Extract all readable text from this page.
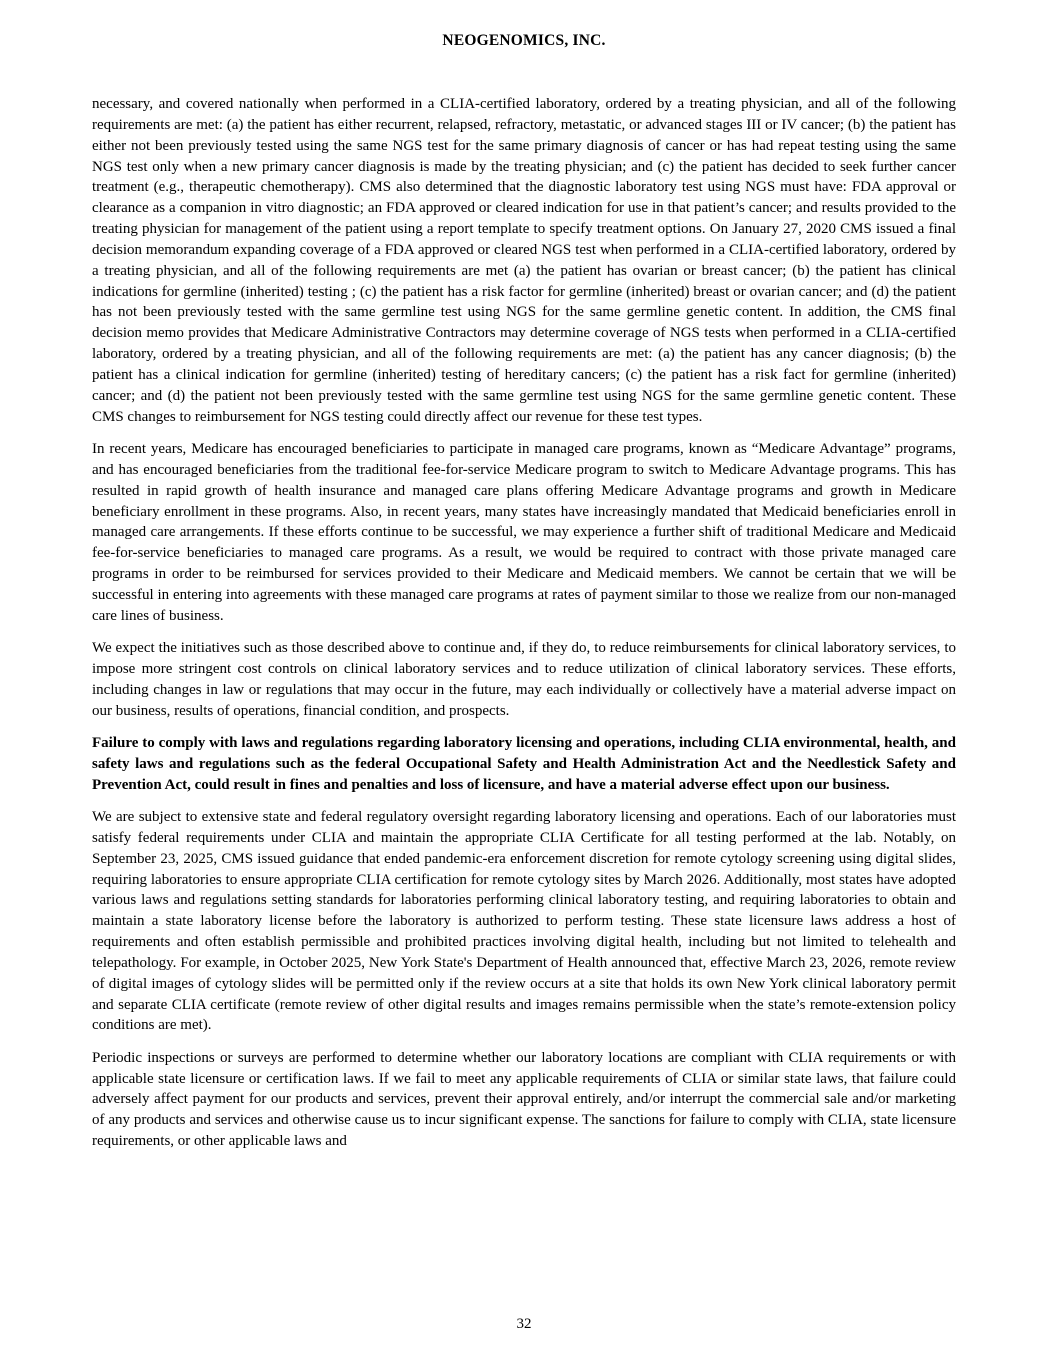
NEOGENOMICS, INC.

necessary, and covered nationally when performed in a CLIA-certified laboratory, ordered by a treating physician, and all of the following requirements are met: (a) the patient has either recurrent, relapsed, refractory, metastatic, or advanced stages III or IV cancer; (b) the patient has either not been previously tested using the same NGS test for the same primary diagnosis of cancer or has had repeat testing using the same NGS test only when a new primary cancer diagnosis is made by the treating physician; and (c) the patient has decided to seek further cancer treatment (e.g., therapeutic chemotherapy). CMS also determined that the diagnostic laboratory test using NGS must have: FDA approval or clearance as a companion in vitro diagnostic; an FDA approved or cleared indication for use in that patient’s cancer; and results provided to the treating physician for management of the patient using a report template to specify treatment options. On January 27, 2020 CMS issued a final decision memorandum expanding coverage of a FDA approved or cleared NGS test when performed in a CLIA-certified laboratory, ordered by a treating physician, and all of the following requirements are met (a) the patient has ovarian or breast cancer; (b) the patient has clinical indications for germline (inherited) testing ; (c) the patient has a risk factor for germline (inherited) breast or ovarian cancer; and (d) the patient has not been previously tested with the same germline test using NGS for the same germline genetic content. In addition, the CMS final decision memo provides that Medicare Administrative Contractors may determine coverage of NGS tests when performed in a CLIA-certified laboratory, ordered by a treating physician, and all of the following requirements are met: (a) the patient has any cancer diagnosis; (b) the patient has a clinical indication for germline (inherited) testing of hereditary cancers; (c) the patient has a risk fact for germline (inherited) cancer; and (d) the patient not been previously tested with the same germline test using NGS for the same germline genetic content. These CMS changes to reimbursement for NGS testing could directly affect our revenue for these test types.

In recent years, Medicare has encouraged beneficiaries to participate in managed care programs, known as “Medicare Advantage” programs, and has encouraged beneficiaries from the traditional fee-for-service Medicare program to switch to Medicare Advantage programs. This has resulted in rapid growth of health insurance and managed care plans offering Medicare Advantage programs and growth in Medicare beneficiary enrollment in these programs. Also, in recent years, many states have increasingly mandated that Medicaid beneficiaries enroll in managed care arrangements. If these efforts continue to be successful, we may experience a further shift of traditional Medicare and Medicaid fee-for-service beneficiaries to managed care programs. As a result, we would be required to contract with those private managed care programs in order to be reimbursed for services provided to their Medicare and Medicaid members. We cannot be certain that we will be successful in entering into agreements with these managed care programs at rates of payment similar to those we realize from our non-managed care lines of business.

We expect the initiatives such as those described above to continue and, if they do, to reduce reimbursements for clinical laboratory services, to impose more stringent cost controls on clinical laboratory services and to reduce utilization of clinical laboratory services. These efforts, including changes in law or regulations that may occur in the future, may each individually or collectively have a material adverse impact on our business, results of operations, financial condition, and prospects.

Failure to comply with laws and regulations regarding laboratory licensing and operations, including CLIA environmental, health, and safety laws and regulations such as the federal Occupational Safety and Health Administration Act and the Needlestick Safety and Prevention Act, could result in fines and penalties and loss of licensure, and have a material adverse effect upon our business.

We are subject to extensive state and federal regulatory oversight regarding laboratory licensing and operations. Each of our laboratories must satisfy federal requirements under CLIA and maintain the appropriate CLIA Certificate for all testing performed at the lab. Notably, on September 23, 2025, CMS issued guidance that ended pandemic-era enforcement discretion for remote cytology screening using digital slides, requiring laboratories to ensure appropriate CLIA certification for remote cytology sites by March 2026. Additionally, most states have adopted various laws and regulations setting standards for laboratories performing clinical laboratory testing, and requiring laboratories to obtain and maintain a state laboratory license before the laboratory is authorized to perform testing. These state licensure laws address a host of requirements and often establish permissible and prohibited practices involving digital health, including but not limited to telehealth and telepathology. For example, in October 2025, New York State's Department of Health announced that, effective March 23, 2026, remote review of digital images of cytology slides will be permitted only if the review occurs at a site that holds its own New York clinical laboratory permit and separate CLIA certificate (remote review of other digital results and images remains permissible when the state’s remote-extension policy conditions are met).

Periodic inspections or surveys are performed to determine whether our laboratory locations are compliant with CLIA requirements or with applicable state licensure or certification laws. If we fail to meet any applicable requirements of CLIA or similar state laws, that failure could adversely affect payment for our products and services, prevent their approval entirely, and/or interrupt the commercial sale and/or marketing of any products and services and otherwise cause us to incur significant expense. The sanctions for failure to comply with CLIA, state licensure requirements, or other applicable laws and

32
